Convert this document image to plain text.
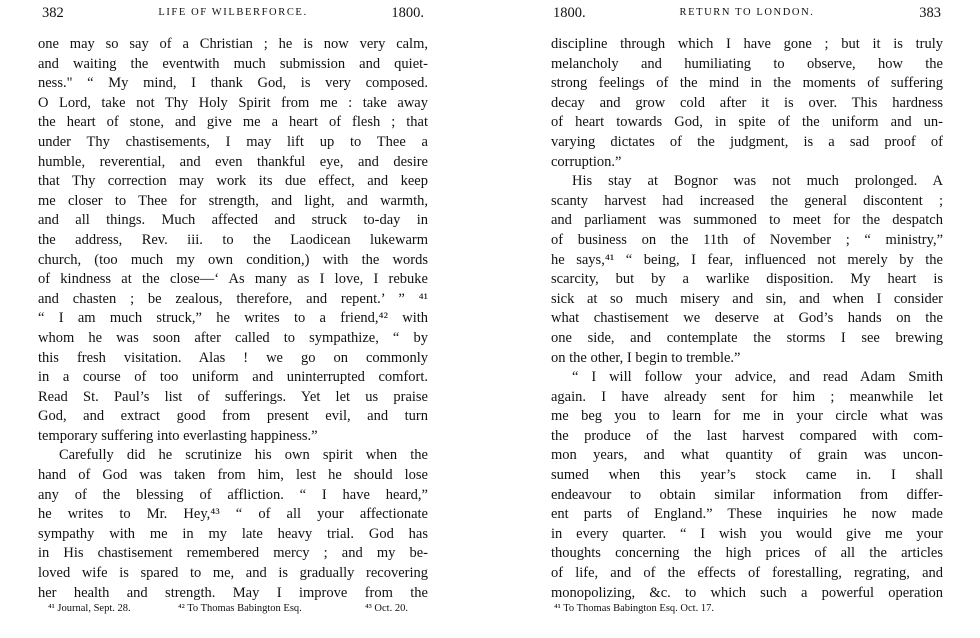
382	LIFE OF WILBERFORCE.	1800.
one may so say of a Christian ; he is now very calm,
and waiting the eventwith much submission and quiet-
ness." “ My mind, I thank God, is very composed.
O Lord, take not Thy Holy Spirit from me : take away
the heart of stone, and give me a heart of flesh ; that
under Thy chastisements, I may lift up to Thee a
humble, reverential, and even thankful eye, and desire
that Thy correction may work its due effect, and keep
me closer to Thee for strength, and light, and warmth,
and all things. Much affected and struck to-day in
the address, Rev. iii. to the Laodicean lukewarm
church, (too much my own condition,) with the words
of kindness at the close—‘ As many as I love, I rebuke
and chasten ; be zealous, therefore, and repent.’ ” ⁴¹
“ I am much struck,” he writes to a friend,⁴² with
whom he was soon after called to sympathize, “ by
this fresh visitation. Alas ! we go on commonly
in a course of too uniform and uninterrupted comfort.
Read St. Paul’s list of sufferings. Yet let us praise
God, and extract good from present evil, and turn
temporary suffering into everlasting happiness.”
Carefully did he scrutinize his own spirit when the
hand of God was taken from him, lest he should lose
any of the blessing of affliction. “ I have heard,”
he writes to Mr. Hey,⁴³ “ of all your affectionate
sympathy with me in my late heavy trial. God has
in His chastisement remembered mercy ; and my be-
loved wife is spared to me, and is gradually recovering
her health and strength. May I improve from the
⁴¹ Journal, Sept. 28.	⁴² To Thomas Babington Esq.	⁴³ Oct. 20.
1800.	RETURN TO LONDON.	383
discipline through which I have gone ; but it is truly
melancholy and humiliating to observe, how the
strong feelings of the mind in the moments of suffering
decay and grow cold after it is over. This hardness
of heart towards God, in spite of the uniform and un-
varying dictates of the judgment, is a sad proof of
corruption.”
His stay at Bognor was not much prolonged. A
scanty harvest had increased the general discontent ;
and parliament was summoned to meet for the despatch
of business on the 11th of November ; “ ministry,”
he says,⁴¹ “ being, I fear, influenced not merely by the
scarcity, but by a warlike disposition. My heart is
sick at so much misery and sin, and when I consider
what chastisement we deserve at God’s hands on the
one side, and contemplate the storms I see brewing
on the other, I begin to tremble.”
“ I will follow your advice, and read Adam Smith
again. I have already sent for him ; meanwhile let
me beg you to learn for me in your circle what was
the produce of the last harvest compared with com-
mon years, and what quantity of grain was uncon-
sumed when this year’s stock came in. I shall
endeavour to obtain similar information from differ-
ent parts of England.” These inquiries he now made
in every quarter. “ I wish you would give me your
thoughts concerning the high prices of all the articles
of life, and of the effects of forestalling, regrating, and
monopolizing, &c. to which such a powerful operation
⁴¹ To Thomas Babington Esq. Oct. 17.
